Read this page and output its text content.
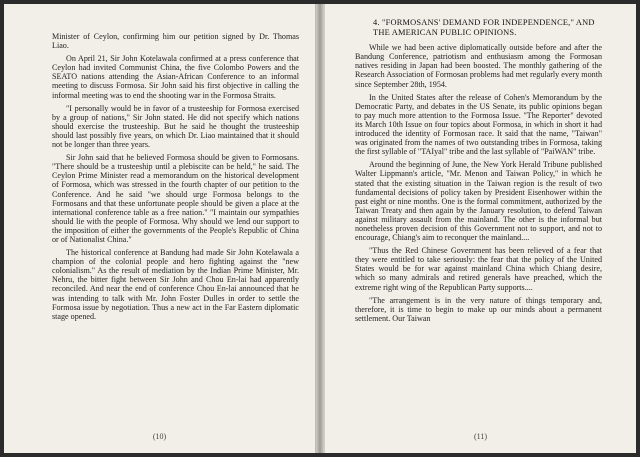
Minister of Ceylon, confirming him our petition signed by Dr. Thomas Liao.

On April 21, Sir John Kotelawala confirmed at a press conference that Ceylon had invited Communist China, the five Colombo Powers and the SEATO nations attending the Asian-African Conference to an informal meeting to discuss Formosa. Sir John said his first objective in calling the informal meeting was to end the shooting war in the Formosa Straits.

"I personally would be in favor of a trusteeship for Formosa exercised by a group of nations," Sir John stated. He did not specify which nations should exercise the trusteeship. But he said he thought the trusteeship should last possibly five years, on which Dr. Liao maintained that it should not be longer than three years.

Sir John said that he believed Formosa should be given to Formosans. "There should be a trusteeship until a plebiscite can be held," he said. The Ceylon Prime Minister read a memorandum on the historical development of Formosa, which was stressed in the fourth chapter of our petition to the Conference. And he said "we should urge Formosa belongs to the Formosans and that these unfortunate people should be given a place at the international conference table as a free nation." "I maintain our sympathies should lie with the people of Formosa. Why should we lend our support to the imposition of either the governments of the People's Republic of China or of Nationalist China."

The historical conference at Bandung had made Sir John Kotelawala a champion of the colonial people and hero fighting against the "new colonialism." As the result of mediation by the Indian Prime Minister, Mr. Nehru, the bitter fight between Sir John and Chou En-lai had apparently reconciled. And near the end of conference Chou En-lai announced that he was intending to talk with Mr. John Foster Dulles in order to settle the Formosa issue by negotiation. Thus a new act in the Far Eastern diplomatic stage opened.

(10)
4. "FORMOSANS' DEMAND FOR INDEPENDENCE," AND THE AMERICAN PUBLIC OPINIONS.

While we had been active diplomatically outside before and after the Bandung Conference, patriotism and enthusiasm among the Formosan natives residing in Japan had been boosted. The monthly gathering of the Research Association of Formosan problems had met regularly every month since September 28th, 1954.

In the United States after the release of Cohen's Memorandum by the Democratic Party, and debates in the US Senate, its public opinions began to pay much more attention to the Formosa Issue. "The Reporter" devoted its March 10th Issue on four topics about Formosa, in which in short it had introduced the identity of Formosan race. It said that the name, "Taiwan" was originated from the names of two outstanding tribes in Formosa, taking the first syllable of "TAIyal" tribe and the last syllable of "PaiWAN" tribe.

Around the beginning of June, the New York Herald Tribune published Walter Lippmann's article, "Mr. Menon and Taiwan Policy," in which he stated that the existing situation in the Taiwan region is the result of two fundamental decisions of policy taken by President Eisenhower within the past eight or nine months. One is the formal commitment, authorized by the Taiwan Treaty and then again by the January resolution, to defend Taiwan against military assault from the mainland. The other is the informal but nonetheless proven decision of this Government not to support, and not to encourage, Chiang's aim to reconquer the mainland....

"Thus the Red Chinese Government has been relieved of a fear that they were entitled to take seriously: the fear that the policy of the United States would be for war against mainland China which Chiang desire, which so many admirals and retired generals have preached, which the extreme right wing of the Republican Party supports....

"The arrangement is in the very nature of things temporary and, therefore, it is time to begin to make up our minds about a permanent settlement. Our Taiwan

(11)
